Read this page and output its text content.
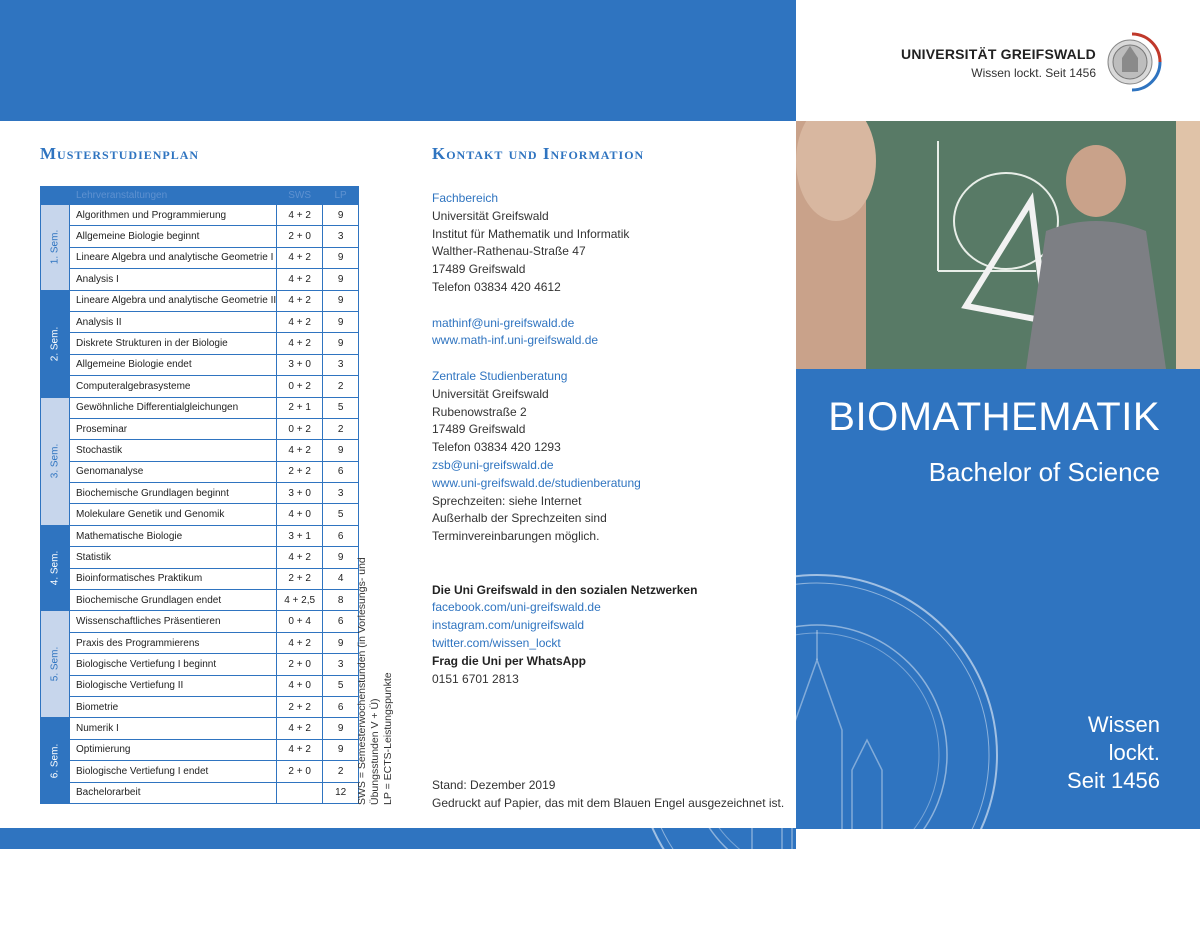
UNIVERSITÄT GREIFSWALD
Wissen lockt. Seit 1456
BIOMATHEMATIK
Bachelor of Science
Wissen
lockt.
Seit 1456
Musterstudienplan
	Lehrveranstaltungen	SWS	LP

1. Sem.	Algorithmen und Programmierung	4 + 2	9
	Allgemeine Biologie beginnt	2 + 0	3
	Lineare Algebra und analytische Geometrie I	4 + 2	9
	Analysis I	4 + 2	9

2. Sem.	Lineare Algebra und analytische Geometrie II	4 + 2	9
	Analysis II	4 + 2	9
	Diskrete Strukturen in der Biologie	4 + 2	9
	Allgemeine Biologie endet	3 + 0	3
	Computeralgebrasysteme	0 + 2	2

3. Sem.	Gewöhnliche Differentialgleichungen	2 + 1	5
	Proseminar	0 + 2	2
	Stochastik	4 + 2	9
	Genomanalyse	2 + 2	6
	Biochemische Grundlagen beginnt	3 + 0	3
	Molekulare Genetik und Genomik	4 + 0	5

4. Sem.	Mathematische Biologie	3 + 1	6
	Statistik	4 + 2	9
	Bioinformatisches Praktikum	2 + 2	4
	Biochemische Grundlagen endet	4 + 2,5	8

5. Sem.	Wissenschaftliches Präsentieren	0 + 4	6
	Praxis des Programmierens	4 + 2	9
	Biologische Vertiefung I beginnt	2 + 0	3
	Biologische Vertiefung II	4 + 0	5
	Biometrie	2 + 2	6

6. Sem.	Numerik I	4 + 2	9
	Optimierung	4 + 2	9
	Biologische Vertiefung I endet	2 + 0	2
	Bachelorarbeit		12 SWS = Semesterwochenstunden (in Vorlesungs- und Übungsstunden V + Ü) LP = ECTS-Leistungspunkte
Kontakt und Information
Fachbereich
Universität Greifswald
Institut für Mathematik und Informatik
Walther-Rathenau-Straße 47
17489 Greifswald
Telefon 03834 420 4612
mathinf@uni-greifswald.de
www.math-inf.uni-greifswald.de
Zentrale Studienberatung
Universität Greifswald
Rubenowstraße 2
17489 Greifswald
Telefon 03834 420 1293
zsb@uni-greifswald.de
www.uni-greifswald.de/studienberatung
Sprechzeiten: siehe Internet
Außerhalb der Sprechzeiten sind
Terminvereinbarungen möglich.
Die Uni Greifswald in den sozialen Netzwerken
facebook.com/uni-greifswald.de
instagram.com/unigreifswald
twitter.com/wissen_lockt
Frag die Uni per WhatsApp
0151 6701 2813
Stand: Dezember 2019
Gedruckt auf Papier, das mit dem Blauen Engel ausgezeichnet ist.
